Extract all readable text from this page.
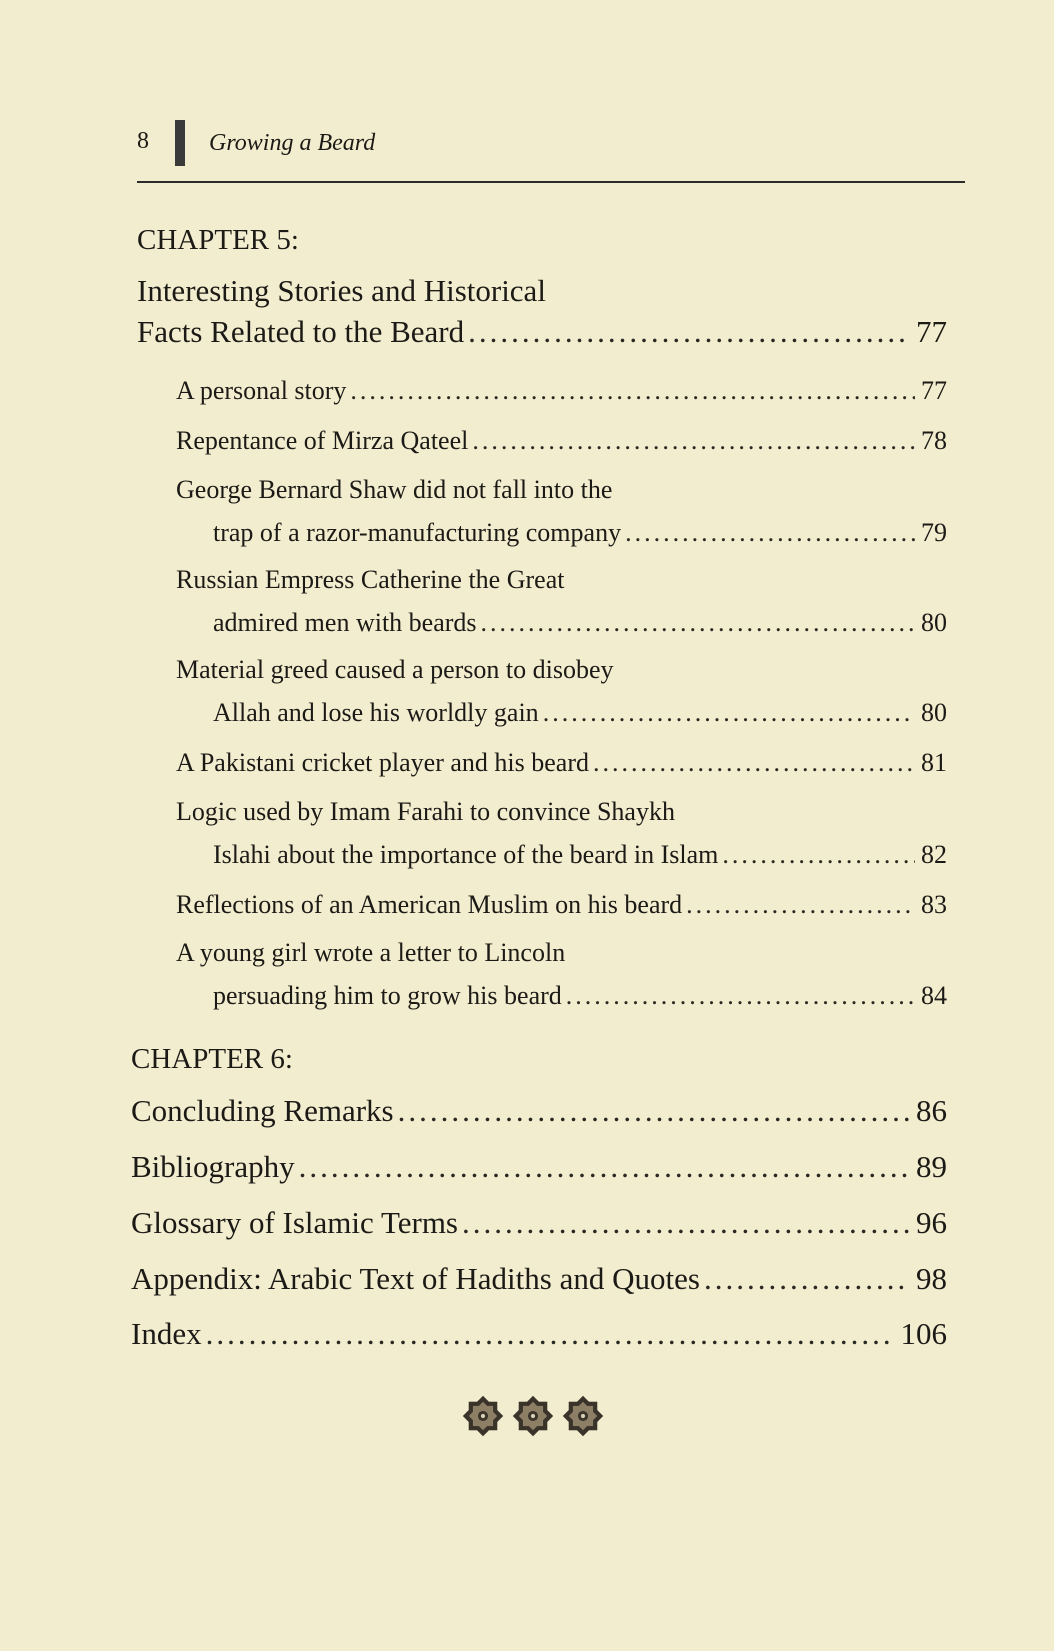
8	Growing a Beard
CHAPTER 5:
Interesting Stories and Historical
Facts Related to the Beard .....	77
A personal story .....	77
Repentance of Mirza Qateel .....	78
George Bernard Shaw did not fall into the
trap of a razor-manufacturing company .....	79
Russian Empress Catherine the Great
admired men with beards .....	80
Material greed caused a person to disobey
Allah and lose his worldly gain .....	80
A Pakistani cricket player and his beard .....	81
Logic used by Imam Farahi to convince Shaykh
Islahi about the importance of the beard in Islam .....	82
Reflections of an American Muslim on his beard .....	83
A young girl wrote a letter to Lincoln
persuading him to grow his beard .....	84
CHAPTER 6:
Concluding Remarks .....	86
Bibliography .....	89
Glossary of Islamic Terms .....	96
Appendix: Arabic Text of Hadiths and Quotes .....	98
Index .....	106
